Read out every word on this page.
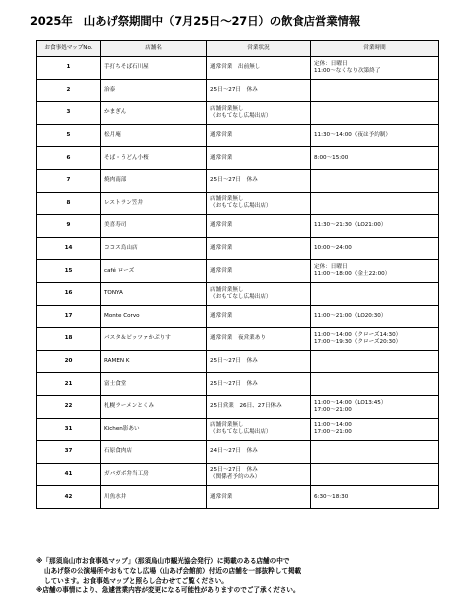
2025年　山あげ祭期間中（7月25日～27日）の飲食店営業情報
お食事処マップNo.	店舗名	営業状況	営業時間
1	手打ちそば石川屋	通常営業　出前無し	定休：日曜日
11:00～なくなり次第終了
2	治泰	25日～27日　休み	
3	かまぎん	店舗営業無し
（おもてなし広場出店）	
5	松月庵	通常営業	11:30～14:00（夜は予約制）
6	そば・うどん小桜	通常営業	8:00～15:00
7	焼肉南部	25日～27日　休み	
8	レストラン笠井	店舗営業無し
（おもてなし広場出店）	
9	美喜寿司	通常営業	11:30～21:30（LO21:00）
14	ココス烏山店	通常営業	10:00～24:00
15	café ローズ	通常営業	定休：日曜日
11:00～18:00（金土22:00）
16	TONYA	店舗営業無し
（おもてなし広場出店）	
17	Monte Corvo	通常営業	11:00～21:00（LO20:30）
18	パスタ＆ピッツァかぷりす	通常営業　夜営業あり	11:00～14:00（クローズ14:30）
17:00～19:30（クローズ20:30）
20	RAMEN K	25日～27日　休み	
21	富士食堂	25日～27日　休み	
22	札幌ラーメンとくみ	25日営業　26日、27日休み	11:00～14:00（LO13:45）
17:00～21:00
31	Kichen影あい	店舗営業無し
（おもてなし広場出店）	11:00～14:00
17:00～21:00
37	石原食肉店	24日～27日　休み	
41	ガバガボ弁当工房	25日～27日　休み
（関係者予約のみ）	
42	川魚水井	通常営業	6:30～18:30
※「那須烏山市お食事処マップ」（那須烏山市観光協会発行）に掲載のある店舗の中で
山あげ祭の公演場所やおもてなし広場（山あげ会館前）付近の店舗を一部抜粋して掲載
しています。お食事処マップと照らし合わせてご覧ください。
※店舗の事情により、急遽営業内容が変更になる可能性がありますのでご了承ください。
